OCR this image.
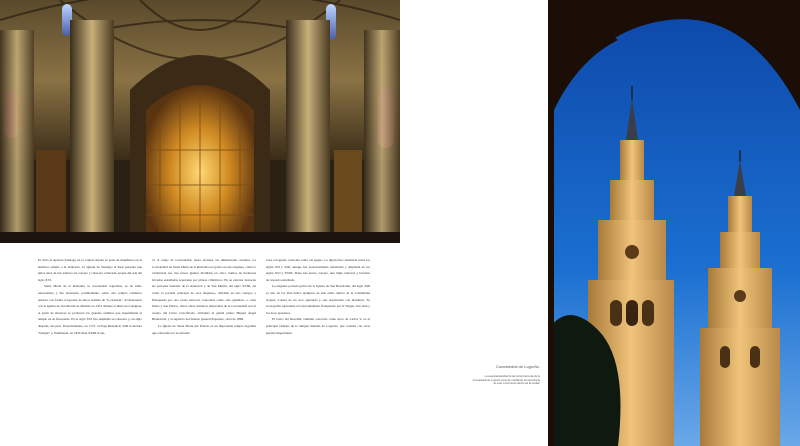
El culto al Apóstol Santiago en la capital riojana se pone de manifiesto en el hermoso templo a él dedicado. La Iglesia de Santiago el Real presenta una única nave de tres tramos con crucero y cabecera ochavada, propia del arte del siglo XVI.

Santa María de la Redonda, la concatedral logroñesa, es de estilo renacentista y fue levantada, posiblemente, sobre otro templo románico anterior con forma octogonal, de ahí el nombre de "la redonda". Al fusionarse con la Iglesia de San Martín de Albelda en 1453 obtiene el título de Colegiata. A partir de entonces se producen los grandes cambios que experimenta el templo en su fisonomía. En el siglo XVI fue ampliada su cabecera y, un siglo después, sus pies. Posteriormente, en 1727, el Papa Benedicto XIII la declara "insigne" y, finalmente, en 1959 Juan XXIII la ele-

va al rango de Concatedral, hasta alcanzar las dimensiones actuales. La Concatedral de Santa María de la Redonda era gótica en sus orígenes, como lo evidencian sus tres naves iguales divididas en cinco tramos de hermosas bóvedas estrelladas separadas por pilares cilíndricos. En su exterior destacan las portadas laterales de la Asunción y de San Martín, del siglo XVIII, así como la portada principal de «los Ángeles», dividida en tres cuerpos y flanqueada por dos torres barrocas conocidas como «las gemelas» o «San Pedro y San Pablo». Otras obras artísticas destacadas de la Concatedral son el cuadro del Cristo Crucificado, atribuido al genial pintor Miguel Ángel Buonarroti, y el sepulcro del famoso general Espartero, obra de 1868.

La Iglesia de Santa María del Palacio es un importante templo logroñés que sobresale por su elevada

torre octogonal, conocida como «la aguja». La iglesia fue construida sobre los siglos XII y XIII, aunque fue posteriormente reformada y ampliada en los siglos XVI y XVIII. Tiene tres naves, crucero, una triple cabecera y bóvedas de crucería estrellada.

La elegante portada gótica de la Iglesia de San Bartolomé, del siglo XIII es uno de los más bellos ejemplos de este estilo dentro de la Comunidad riojana. Consta de un arco apuntado y seis arquivoltas con molduras. Su iconografía representa el Cristo Redentor flanqueado por la Virgen, San Juan y los doce apóstoles.

El Cubo del Revellín, también conocido como Arco de Carlos V, es el principal vestigio de la antigua muralla de Logroño, que contaba con otras puertas importantes.

Concatedral de Logroño.
La espectacularidad de las torres barrocas de la Concatedral de Logroño pone de manifiesto la importancia de este monumento dentro de la ciudad.
